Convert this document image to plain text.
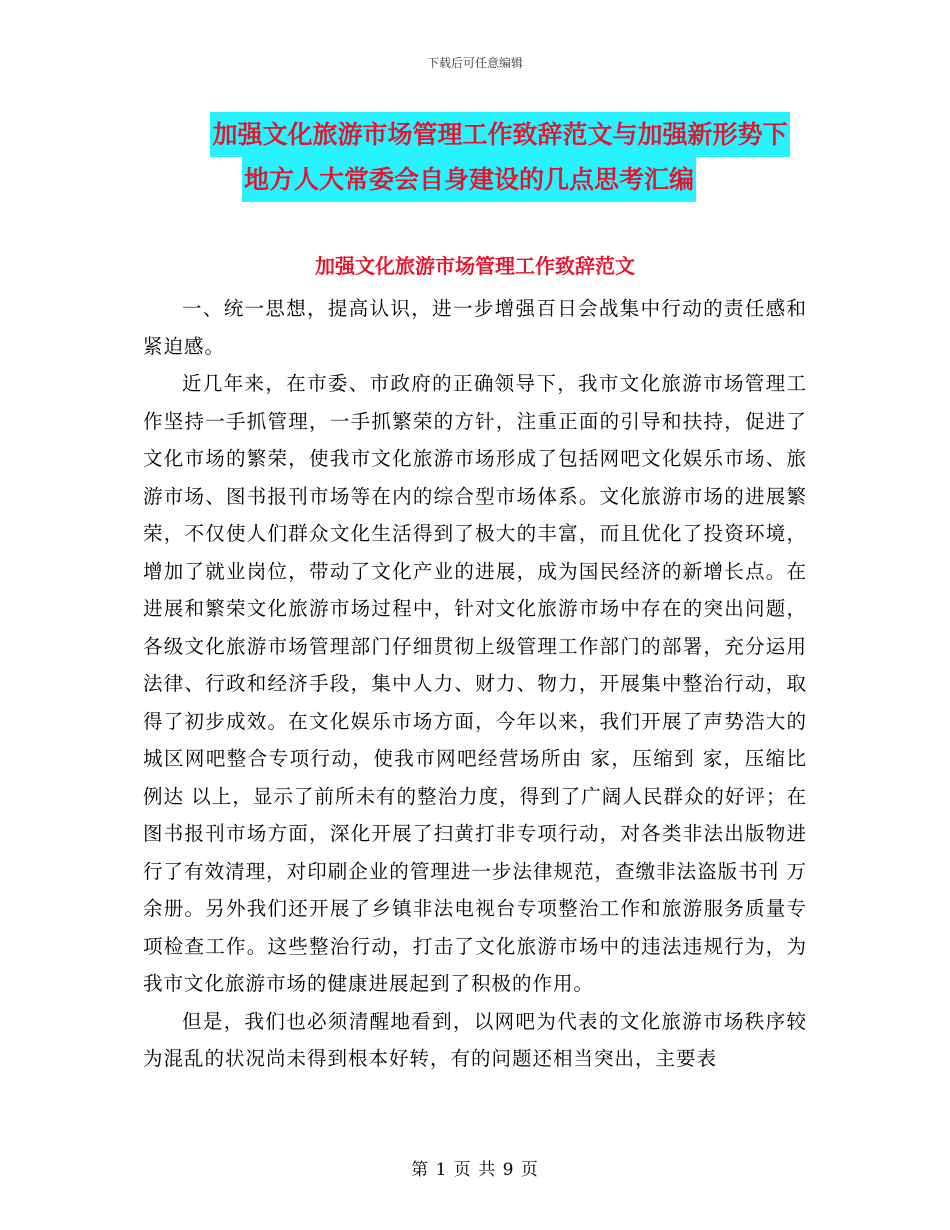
下载后可任意编辑
加强文化旅游市场管理工作致辞范文与加强新形势下
地方人大常委会自身建设的几点思考汇编
加强文化旅游市场管理工作致辞范文

一、统一思想，提高认识，进一步增强百日会战集中行动的责任感和紧迫感。

近几年来，在市委、市政府的正确领导下，我市文化旅游市场管理工作坚持一手抓管理，一手抓繁荣的方针，注重正面的引导和扶持，促进了文化市场的繁荣，使我市文化旅游市场形成了包括网吧文化娱乐市场、旅游市场、图书报刊市场等在内的综合型市场体系。文化旅游市场的进展繁荣，不仅使人们群众文化生活得到了极大的丰富，而且优化了投资环境，增加了就业岗位，带动了文化产业的进展，成为国民经济的新增长点。在进展和繁荣文化旅游市场过程中，针对文化旅游市场中存在的突出问题，各级文化旅游市场管理部门仔细贯彻上级管理工作部门的部署，充分运用法律、行政和经济手段，集中人力、财力、物力，开展集中整治行动，取得了初步成效。在文化娱乐市场方面，今年以来，我们开展了声势浩大的城区网吧整合专项行动，使我市网吧经营场所由 家，压缩到 家，压缩比例达 以上，显示了前所未有的整治力度，得到了广阔人民群众的好评；在图书报刊市场方面，深化开展了扫黄打非专项行动，对各类非法出版物进行了有效清理，对印刷企业的管理进一步法律规范，查缴非法盗版书刊 万余册。另外我们还开展了乡镇非法电视台专项整治工作和旅游服务质量专项检查工作。这些整治行动，打击了文化旅游市场中的违法违规行为，为我市文化旅游市场的健康进展起到了积极的作用。

但是，我们也必须清醒地看到，以网吧为代表的文化旅游市场秩序较为混乱的状况尚未得到根本好转，有的问题还相当突出，主要表

第 1 页 共 9 页
